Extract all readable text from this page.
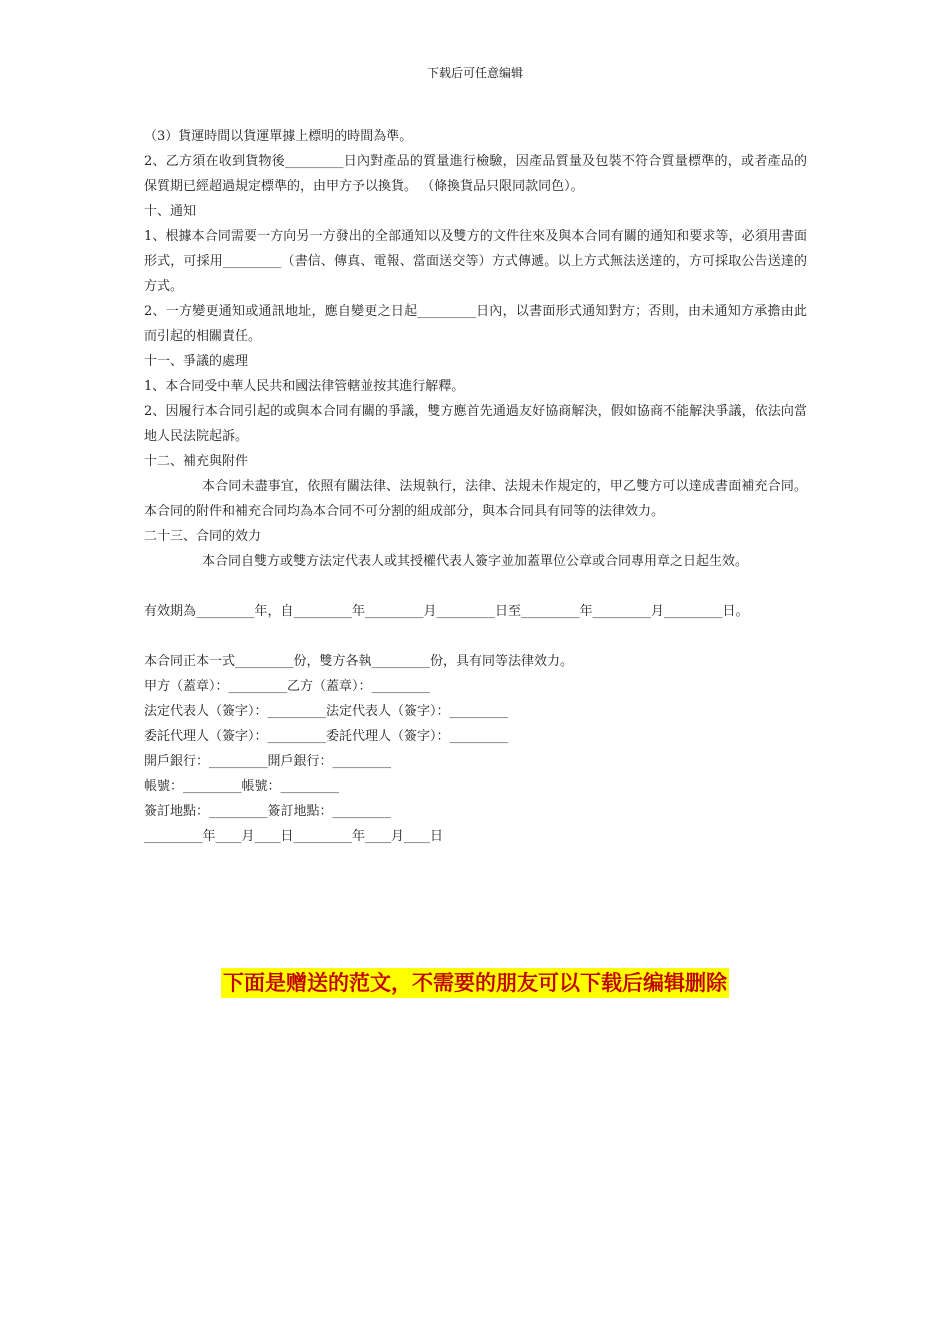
下载后可任意编辑

（3）貨運時間以貨運單據上標明的時間為準。

2、乙方須在收到貨物後_________日內對產品的質量進行檢驗，因產品質量及包裝不符合質量標準的，或者產品的保質期已經超過規定標準的，由甲方予以換貨。 （條換貨品只限同款同色）。

十、通知

1、根據本合同需要一方向另一方發出的全部通知以及雙方的文件往來及與本合同有關的通知和要求等，必須用書面形式，可採用_________（書信、傳真、電報、當面送交等）方式傳遞。以上方式無法送達的，方可採取公告送達的方式。

2、一方變更通知或通訊地址，應自變更之日起_________日內，以書面形式通知對方；否則，由未通知方承擔由此而引起的相關責任。

十一、爭議的處理

1、本合同受中華人民共和國法律管轄並按其進行解釋。

2、因履行本合同引起的或與本合同有關的爭議，雙方應首先通過友好協商解決，假如協商不能解決爭議，依法向當地人民法院起訴。

十二、補充與附件

本合同未盡事宜，依照有關法律、法規執行，法律、法規未作規定的，甲乙雙方可以達成書面補充合同。本合同的附件和補充合同均為本合同不可分割的組成部分，與本合同具有同等的法律效力。

二十三、合同的效力

本合同自雙方或雙方法定代表人或其授權代表人簽字並加蓋單位公章或合同專用章之日起生效。

有效期為_________年，自_________年_________月_________日至_________年_________月_________日。

本合同正本一式_________份，雙方各執_________份，具有同等法律效力。

甲方（蓋章）：_________乙方（蓋章）：_________

法定代表人（簽字）：_________法定代表人（簽字）：_________

委託代理人（簽字）：_________委託代理人（簽字）：_________

開戶銀行：_________開戶銀行：_________

帳號：_________帳號：_________

簽訂地點：_________簽訂地點：_________

_________年____月____日_________年____月____日

下面是赠送的范文，不需要的朋友可以下载后编辑删除
